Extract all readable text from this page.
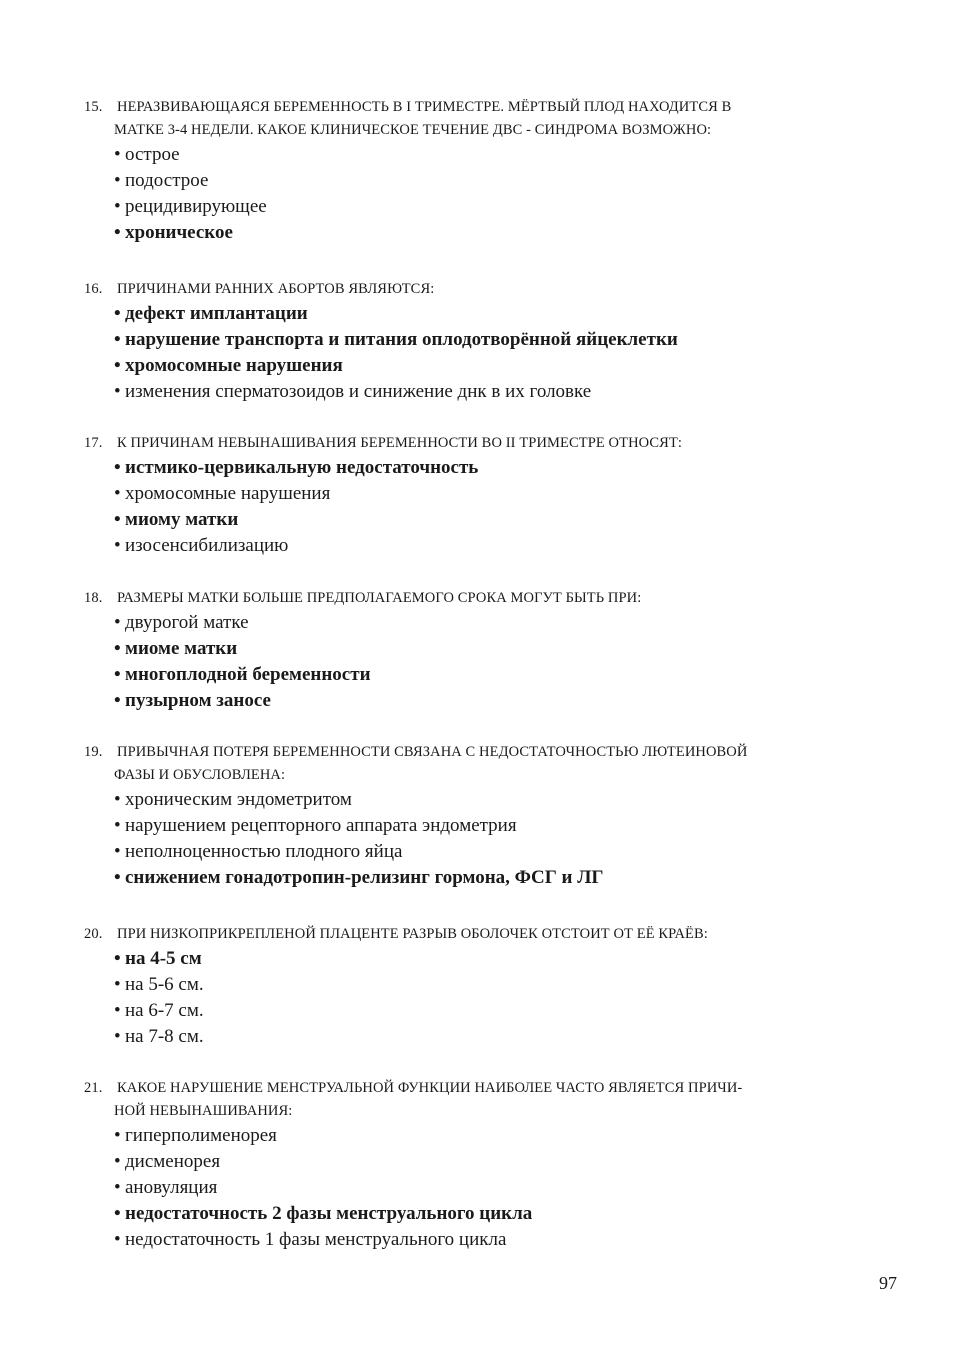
15. НЕРАЗВИВАЮЩАЯСЯ БЕРЕМЕННОСТЬ В I ТРИМЕСТРЕ. МЁРТВЫЙ ПЛОД НАХОДИТСЯ В
МАТКЕ 3-4 НЕДЕЛИ. КАКОЕ КЛИНИЧЕСКОЕ ТЕЧЕНИЕ ДВС - СИНДРОМА ВОЗМОЖНО:
• острое
• подострое
• рецидивирующее
• хроническое
16. ПРИЧИНАМИ РАННИХ АБОРТОВ ЯВЛЯЮТСЯ:
• дефект имплантации
• нарушение транспорта и питания оплодотворённой яйцеклетки
• хромосомные нарушения
• изменения сперматозоидов и синижение днк в их головке
17. К ПРИЧИНАМ НЕВЫНАШИВАНИЯ БЕРЕМЕННОСТИ ВО II ТРИМЕСТРЕ ОТНОСЯТ:
• истмико-цервикальную недостаточность
• хромосомные нарушения
• миому матки
• изосенсибилизацию
18. РАЗМЕРЫ МАТКИ БОЛЬШЕ ПРЕДПОЛАГАЕМОГО СРОКА МОГУТ БЫТЬ ПРИ:
• двурогой матке
• миоме матки
• многоплодной беременности
• пузырном заносе
19. ПРИВЫЧНАЯ ПОТЕРЯ БЕРЕМЕННОСТИ СВЯЗАНА С НЕДОСТАТОЧНОСТЬЮ ЛЮТЕИНОВОЙ
ФАЗЫ И ОБУСЛОВЛЕНА:
• хроническим эндометритом
• нарушением рецепторного аппарата эндометрия
• неполноценностью плодного яйца
• снижением гонадотропин-релизинг гормона, ФСГ и ЛГ
20. ПРИ НИЗКОПРИКРЕПЛЕНОЙ ПЛАЦЕНТЕ РАЗРЫВ ОБОЛОЧЕК ОТСТОИТ ОТ ЕЁ КРАЁВ:
• на 4-5 см
• на 5-6 см.
• на 6-7 см.
• на 7-8 см.
21. КАКОЕ НАРУШЕНИЕ МЕНСТРУАЛЬНОЙ ФУНКЦИИ НАИБОЛЕЕ ЧАСТО ЯВЛЯЕТСЯ ПРИЧИ-
НОЙ НЕВЫНАШИВАНИЯ:
• гиперполименорея
• дисменорея
• ановуляция
• недостаточность 2 фазы менструального цикла
• недостаточность 1 фазы менструального цикла
97
